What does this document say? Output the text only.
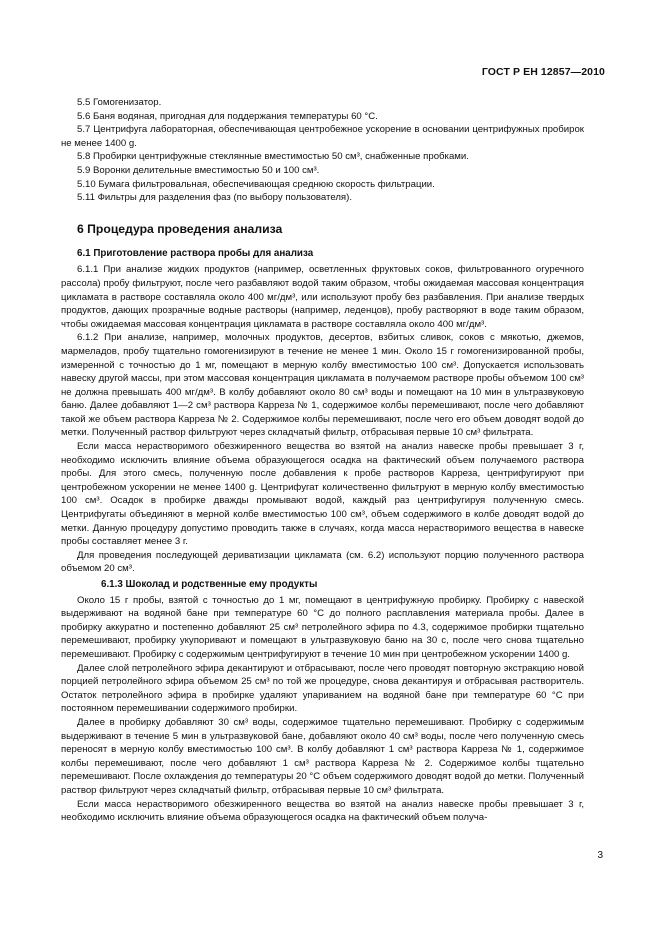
ГОСТ Р ЕН 12857—2010

5.5 Гомогенизатор.

5.6 Баня водяная, пригодная для поддержания температуры 60 °C.

5.7 Центрифуга лабораторная, обеспечивающая центробежное ускорение в основании центрифужных пробирок не менее 1400 g.

5.8 Пробирки центрифужные стеклянные вместимостью 50 см³, снабженные пробками.

5.9 Воронки делительные вместимостью 50 и 100 см³.

5.10 Бумага фильтровальная, обеспечивающая среднюю скорость фильтрации.

5.11 Фильтры для разделения фаз (по выбору пользователя).

6 Процедура проведения анализа
6.1 Приготовление раствора пробы для анализа

6.1.1 При анализе жидких продуктов (например, осветленных фруктовых соков, фильтрованного огуречного рассола) пробу фильтруют, после чего разбавляют водой таким образом, чтобы ожидаемая массовая концентрация цикламата в растворе составляла около 400 мг/дм³, или используют пробу без разбавления. При анализе твердых продуктов, дающих прозрачные водные растворы (например, леденцов), пробу растворяют в воде таким образом, чтобы ожидаемая массовая концентрация цикламата в растворе составляла около 400 мг/дм³.

6.1.2 При анализе, например, молочных продуктов, десертов, взбитых сливок, соков с мякотью, джемов, мармеладов, пробу тщательно гомогенизируют в течение не менее 1 мин. Около 15 г гомогенизированной пробы, измеренной с точностью до 1 мг, помещают в мерную колбу вместимостью 100 см³. Допускается использовать навеску другой массы, при этом массовая концентрация цикламата в получаемом растворе пробы объемом 100 см³ не должна превышать 400 мг/дм³. В колбу добавляют около 80 см³ воды и помещают на 10 мин в ультразвуковую баню. Далее добавляют 1—2 см³ раствора Карреза № 1, содержимое колбы перемешивают, после чего добавляют такой же объем раствора Карреза № 2. Содержимое колбы перемешивают, после чего его объем доводят водой до метки. Полученный раствор фильтруют через складчатый фильтр, отбрасывая первые 10 см³ фильтрата.

Если масса нерастворимого обезжиренного вещества во взятой на анализ навеске пробы превышает 3 г, необходимо исключить влияние объема образующегося осадка на фактический объем получаемого раствора пробы. Для этого смесь, полученную после добавления к пробе растворов Карреза, центрифугируют при центробежном ускорении не менее 1400 g. Центрифугат количественно фильтруют в мерную колбу вместимостью 100 см³. Осадок в пробирке дважды промывают водой, каждый раз центрифугируя полученную смесь. Центрифугаты объединяют в мерной колбе вместимостью 100 см³, объем содержимого в колбе доводят водой до метки. Данную процедуру допустимо проводить также в случаях, когда масса нерастворимого вещества в навеске пробы составляет менее 3 г.

Для проведения последующей дериватизации цикламата (см. 6.2) используют порцию полученного раствора объемом 20 см³.

6.1.3 Шоколад и родственные ему продукты

Около 15 г пробы, взятой с точностью до 1 мг, помещают в центрифужную пробирку. Пробирку с навеской выдерживают на водяной бане при температуре 60 °C до полного расплавления материала пробы. Далее в пробирку аккуратно и постепенно добавляют 25 см³ петролейного эфира по 4.3, содержимое пробирки тщательно перемешивают, пробирку укупоривают и помещают в ультразвуковую баню на 30 с, после чего снова тщательно перемешивают. Пробирку с содержимым центрифугируют в течение 10 мин при центробежном ускорении 1400 g.

Далее слой петролейного эфира декантируют и отбрасывают, после чего проводят повторную экстракцию новой порцией петролейного эфира объемом 25 см³ по той же процедуре, снова декантируя и отбрасывая растворитель. Остаток петролейного эфира в пробирке удаляют упариванием на водяной бане при температуре 60 °C при постоянном перемешивании содержимого пробирки.

Далее в пробирку добавляют 30 см³ воды, содержимое тщательно перемешивают. Пробирку с содержимым выдерживают в течение 5 мин в ультразвуковой бане, добавляют около 40 см³ воды, после чего полученную смесь переносят в мерную колбу вместимостью 100 см³. В колбу добавляют 1 см³ раствора Карреза № 1, содержимое колбы перемешивают, после чего добавляют 1 см³ раствора Карреза № 2. Содержимое колбы тщательно перемешивают. После охлаждения до температуры 20 °C объем содержимого доводят водой до метки. Полученный раствор фильтруют через складчатый фильтр, отбрасывая первые 10 см³ фильтрата.

Если масса нерастворимого обезжиренного вещества во взятой на анализ навеске пробы превышает 3 г, необходимо исключить влияние объема образующегося осадка на фактический объем получа-

3
